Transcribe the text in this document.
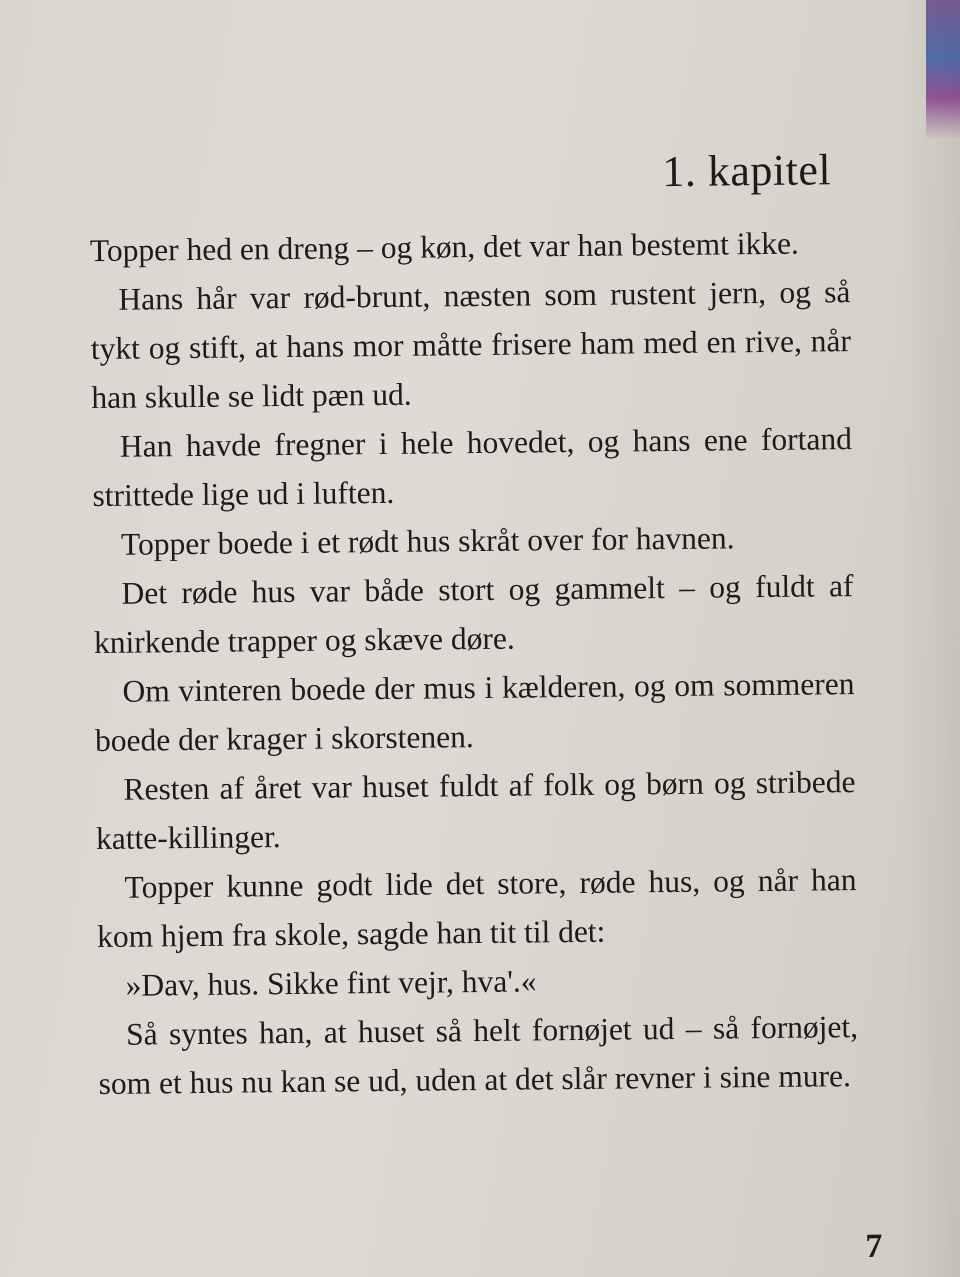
1. kapitel

Topper hed en dreng – og køn, det var han bestemt ikke.

Hans hår var rød-brunt, næsten som rustent jern, og så tykt og stift, at hans mor måtte frisere ham med en rive, når han skulle se lidt pæn ud.

Han havde fregner i hele hovedet, og hans ene fortand strittede lige ud i luften.

Topper boede i et rødt hus skråt over for havnen.

Det røde hus var både stort og gammelt – og fuldt af knirkende trapper og skæve døre.

Om vinteren boede der mus i kælderen, og om sommeren boede der krager i skorstenen.

Resten af året var huset fuldt af folk og børn og stribede katte-killinger.

Topper kunne godt lide det store, røde hus, og når han kom hjem fra skole, sagde han tit til det:

»Dav, hus. Sikke fint vejr, hva'.«

Så syntes han, at huset så helt fornøjet ud – så fornøjet, som et hus nu kan se ud, uden at det slår revner i sine mure.

7
